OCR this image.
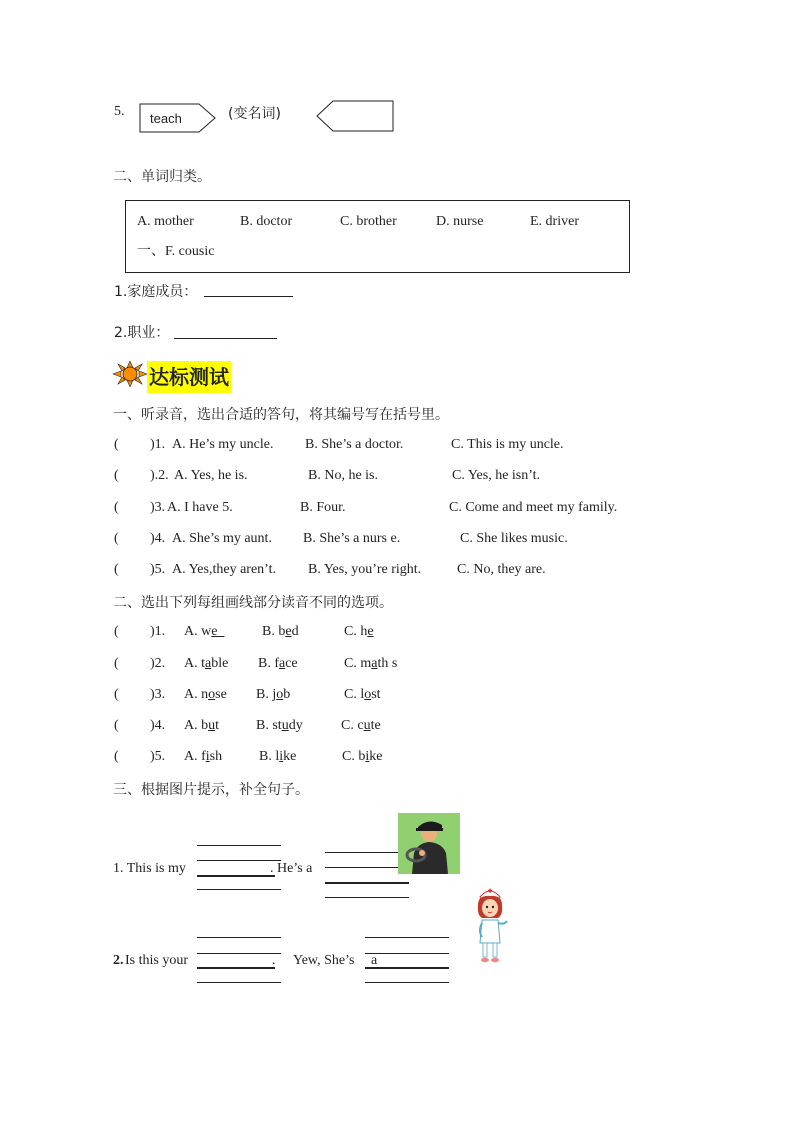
5. teach	(变名词)
二、单词归类。
A. mother	B. doctor	C. brother	D. nurse	E. driver
一、F. cousic
1.家庭成员：
2.职业：
达标测试
一、听录音，选出合适的答句，将其编号写在括号里。
( )1. A. He’s my uncle. B. She’s a doctor.	C. This is my uncle.
( ).2. A. Yes, he is.	B. No, he is.	C. Yes, he isn’t.
( )3. A. I have 5.	B. Four.	C. Come and meet my family.
( )4. A. She’s my aunt. B. She’s a nurs e.	C. She likes music.
( )5. A. Yes,they aren’t. B. Yes, you’re right.	C. No, they are.
二、选出下列每组画线部分读音不同的选项。
( )1. A. we	B. bed	C. he
( )2. A. table B. face	C. math s
( )3. A. nose B. job	C. lost
( )4. A. but	B. study	C. cute
( )5. A. fish	B. like	C. bike
三、根据图片提示，补全句子。
1. This is my	. He’s a
2. Is this your	. Yew, She’s a
